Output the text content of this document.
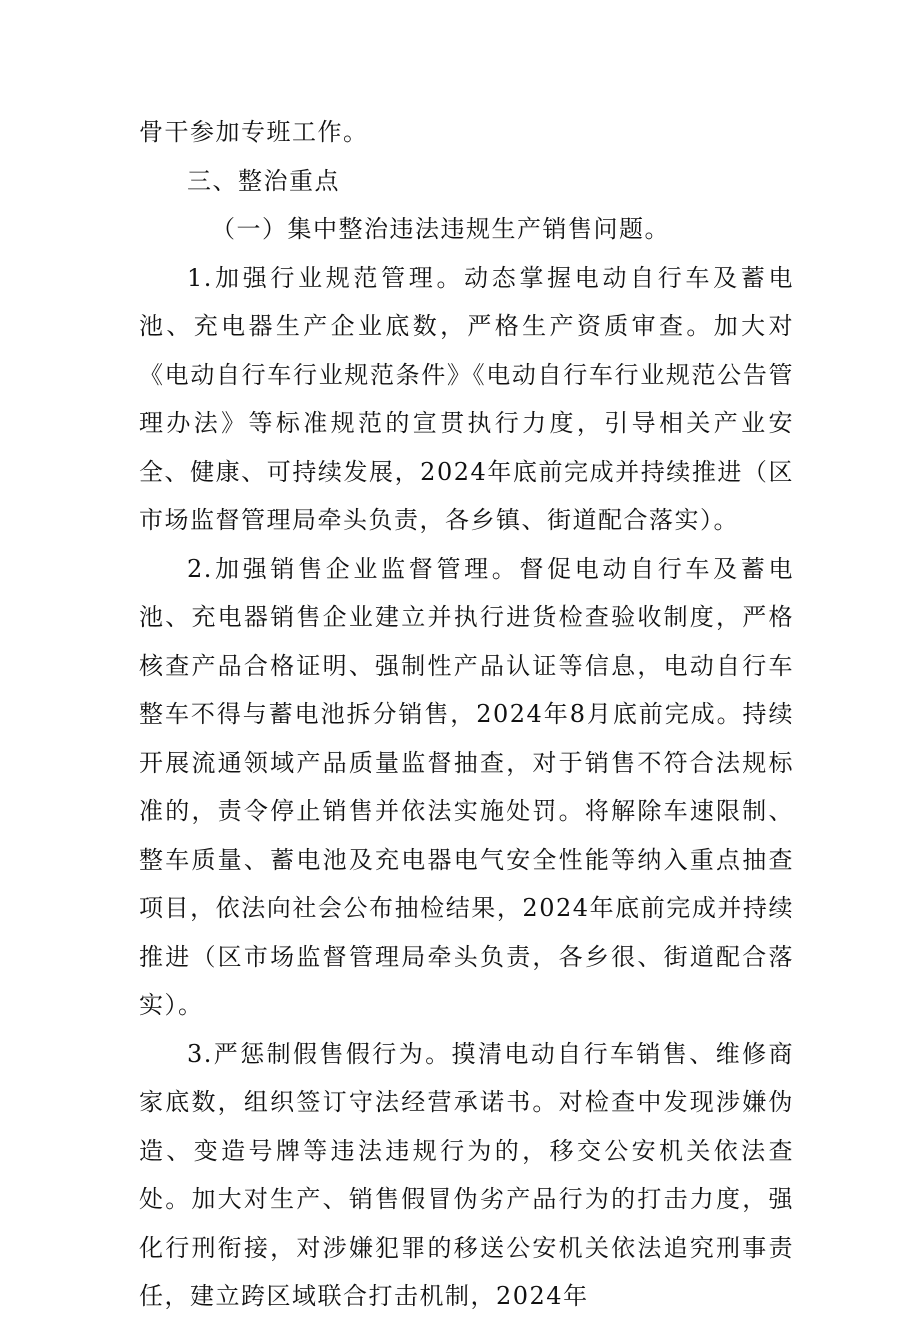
骨干参加专班工作。

三、整治重点

（一）集中整治违法违规生产销售问题。

1.加强行业规范管理。动态掌握电动自行车及蓄电池、充电器生产企业底数，严格生产资质审查。加大对《电动自行车行业规范条件》《电动自行车行业规范公告管理办法》等标准规范的宣贯执行力度，引导相关产业安全、健康、可持续发展，2024年底前完成并持续推进（区市场监督管理局牵头负责，各乡镇、街道配合落实）。

2.加强销售企业监督管理。督促电动自行车及蓄电池、充电器销售企业建立并执行进货检查验收制度，严格核查产品合格证明、强制性产品认证等信息，电动自行车整车不得与蓄电池拆分销售，2024年8月底前完成。持续开展流通领域产品质量监督抽查，对于销售不符合法规标准的，责令停止销售并依法实施处罚。将解除车速限制、整车质量、蓄电池及充电器电气安全性能等纳入重点抽查项目，依法向社会公布抽检结果，2024年底前完成并持续推进（区市场监督管理局牵头负责，各乡很、街道配合落实）。

3.严惩制假售假行为。摸清电动自行车销售、维修商家底数，组织签订守法经营承诺书。对检查中发现涉嫌伪造、变造号牌等违法违规行为的，移交公安机关依法查处。加大对生产、销售假冒伪劣产品行为的打击力度，强化行刑衔接，对涉嫌犯罪的移送公安机关依法追究刑事责任，建立跨区域联合打击机制，2024年
